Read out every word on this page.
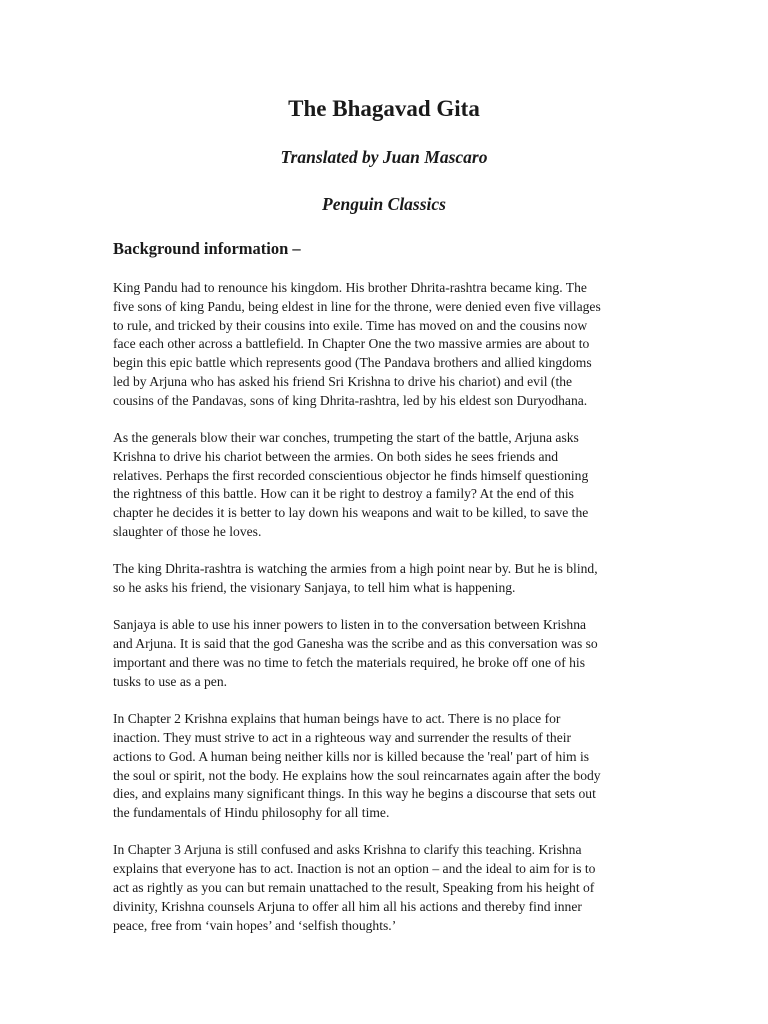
The Bhagavad Gita
Translated by Juan Mascaro
Penguin Classics
Background information –

King Pandu had to renounce his kingdom. His brother Dhrita-rashtra became king. The
five sons of king Pandu, being eldest in line for the throne, were denied even five villages
to rule, and tricked by their cousins into exile. Time has moved on and the cousins now
face each other across a battlefield. In Chapter One the two massive armies are about to
begin this epic battle which represents good (The Pandava brothers and allied kingdoms
led by Arjuna who has asked his friend Sri Krishna to drive his chariot) and evil (the
cousins of the Pandavas, sons of king Dhrita-rashtra, led by his eldest son Duryodhana.

As the generals blow their war conches, trumpeting the start of the battle, Arjuna asks
Krishna to drive his chariot between the armies. On both sides he sees friends and
relatives. Perhaps the first recorded conscientious objector he finds himself questioning
the rightness of this battle. How can it be right to destroy a family? At the end of this
chapter he decides it is better to lay down his weapons and wait to be killed, to save the
slaughter of those he loves.

The king Dhrita-rashtra is watching the armies from a high point near by. But he is blind,
so he asks his friend, the visionary Sanjaya, to tell him what is happening.

Sanjaya is able to use his inner powers to listen in to the conversation between Krishna
and Arjuna. It is said that the god Ganesha was the scribe and as this conversation was so
important and there was no time to fetch the materials required, he broke off one of his
tusks to use as a pen.

In Chapter 2 Krishna explains that human beings have to act. There is no place for
inaction. They must strive to act in a righteous way and surrender the results of their
actions to God. A human being neither kills nor is killed because the 'real' part of him is
the soul or spirit, not the body. He explains how the soul reincarnates again after the body
dies, and explains many significant things. In this way he begins a discourse that sets out
the fundamentals of Hindu philosophy for all time.

In Chapter 3 Arjuna is still confused and asks Krishna to clarify this teaching. Krishna
explains that everyone has to act. Inaction is not an option – and the ideal to aim for is to
act as rightly as you can but remain unattached to the result, Speaking from his height of
divinity, Krishna counsels Arjuna to offer all him all his actions and thereby find inner
peace, free from ‘vain hopes’ and ‘selfish thoughts.’
